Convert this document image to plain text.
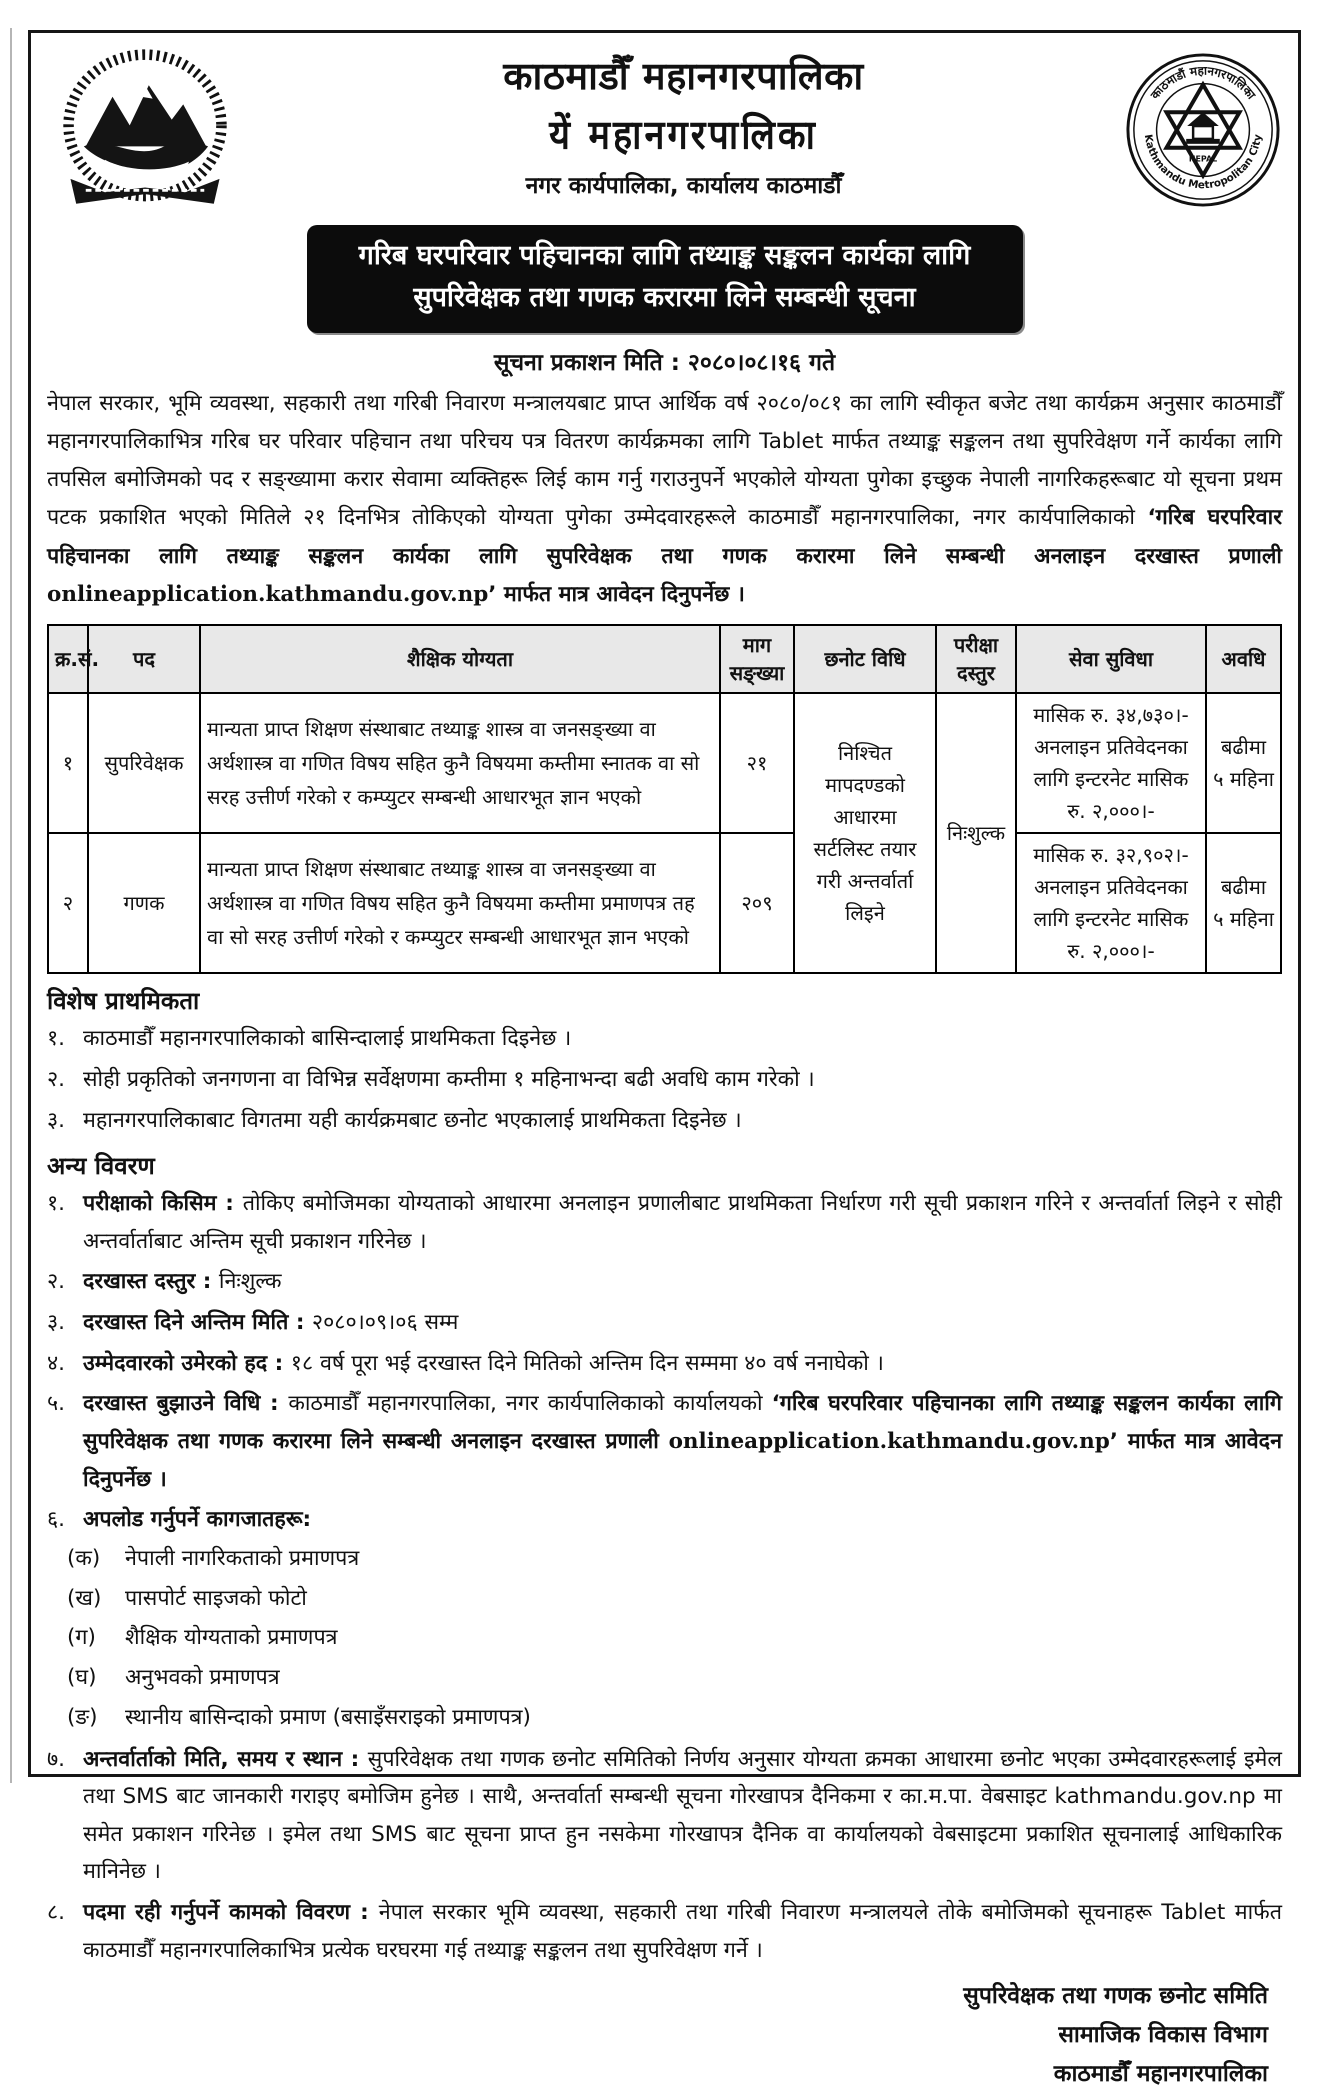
काठमाडौँ महानगरपालिका
यें महानगरपालिका
नगर कार्यपालिका, कार्यालय काठमाडौँ
काठमाडौं महानगरपालिका
Kathmandu Metropolitan City
NEPAL
गरिब घरपरिवार पहिचानका लागि तथ्याङ्क सङ्कलन कार्यका लागि
सुपरिवेक्षक तथा गणक करारमा लिने सम्बन्धी सूचना
सूचना प्रकाशन मिति : २०८०।०८।१६ गते
नेपाल सरकार, भूमि व्यवस्था, सहकारी तथा गरिबी निवारण मन्त्रालयबाट प्राप्त आर्थिक वर्ष २०८०/०८१ का लागि स्वीकृत बजेट तथा कार्यक्रम अनुसार काठमाडौँ महानगरपालिकाभित्र गरिब घर परिवार पहिचान तथा परिचय पत्र वितरण कार्यक्रमका लागि Tablet मार्फत तथ्याङ्क सङ्कलन तथा सुपरिवेक्षण गर्ने कार्यका लागि तपसिल बमोजिमको पद र सङ्ख्यामा करार सेवामा व्यक्तिहरू लिई काम गर्नु गराउनुपर्ने भएकोले योग्यता पुगेका इच्छुक नेपाली नागरिकहरूबाट यो सूचना प्रथम पटक प्रकाशित भएको मितिले २१ दिनभित्र तोकिएको योग्यता पुगेका उम्मेदवारहरूले काठमाडौँ महानगरपालिका, नगर कार्यपालिकाको ‘गरिब घरपरिवार पहिचानका लागि तथ्याङ्क सङ्कलन कार्यका लागि सुपरिवेक्षक तथा गणक करारमा लिने सम्बन्धी अनलाइन दरखास्त प्रणाली onlineapplication.kathmandu.gov.np’ मार्फत मात्र आवेदन दिनुपर्नेछ ।
क्र.सं.	पद	शैक्षिक योग्यता	माग सङ्ख्या	छनोट विधि	परीक्षा दस्तुर	सेवा सुविधा	अवधि
१	सुपरिवेक्षक	मान्यता प्राप्त शिक्षण संस्थाबाट तथ्याङ्क शास्त्र वा जनसङ्ख्या वा अर्थशास्त्र वा गणित विषय सहित कुनै विषयमा कम्तीमा स्नातक वा सो सरह उत्तीर्ण गरेको र कम्प्युटर सम्बन्धी आधारभूत ज्ञान भएको	२१	निश्चित मापदण्डको आधारमा सर्टलिस्ट तयार गरी अन्तर्वार्ता लिइने	निःशुल्क	मासिक रु. ३४,७३०।- अनलाइन प्रतिवेदनका लागि इन्टरनेट मासिक रु. २,०००।-	बढीमा ५ महिना
२	गणक	मान्यता प्राप्त शिक्षण संस्थाबाट तथ्याङ्क शास्त्र वा जनसङ्ख्या वा अर्थशास्त्र वा गणित विषय सहित कुनै विषयमा कम्तीमा प्रमाणपत्र तह वा सो सरह उत्तीर्ण गरेको र कम्प्युटर सम्बन्धी आधारभूत ज्ञान भएको	२०९			मासिक रु. ३२,९०२।- अनलाइन प्रतिवेदनका लागि इन्टरनेट मासिक रु. २,०००।-	बढीमा ५ महिना
विशेष प्राथमिकता
१. काठमाडौँ महानगरपालिकाको बासिन्दालाई प्राथमिकता दिइनेछ ।
२. सोही प्रकृतिको जनगणना वा विभिन्न सर्वेक्षणमा कम्तीमा १ महिनाभन्दा बढी अवधि काम गरेको ।
३. महानगरपालिकाबाट विगतमा यही कार्यक्रमबाट छनोट भएकालाई प्राथमिकता दिइनेछ ।
अन्य विवरण
१. परीक्षाको किसिम : तोकिए बमोजिमका योग्यताको आधारमा अनलाइन प्रणालीबाट प्राथमिकता निर्धारण गरी सूची प्रकाशन गरिने र अन्तर्वार्ता लिइने र सोही अन्तर्वार्ताबाट अन्तिम सूची प्रकाशन गरिनेछ ।
२. दरखास्त दस्तुर : निःशुल्क
३. दरखास्त दिने अन्तिम मिति : २०८०।०९।०६ सम्म
४. उम्मेदवारको उमेरको हद : १८ वर्ष पूरा भई दरखास्त दिने मितिको अन्तिम दिन सम्ममा ४० वर्ष ननाघेको ।
५. दरखास्त बुझाउने विधि : काठमाडौँ महानगरपालिका, नगर कार्यपालिकाको कार्यालयको ‘गरिब घरपरिवार पहिचानका लागि तथ्याङ्क सङ्कलन कार्यका लागि सुपरिवेक्षक तथा गणक करारमा लिने सम्बन्धी अनलाइन दरखास्त प्रणाली onlineapplication.kathmandu.gov.np’ मार्फत मात्र आवेदन दिनुपर्नेछ ।
६. अपलोड गर्नुपर्ने कागजातहरू:
(क)	नेपाली नागरिकताको प्रमाणपत्र
(ख)	पासपोर्ट साइजको फोटो
(ग)	शैक्षिक योग्यताको प्रमाणपत्र
(घ)	अनुभवको प्रमाणपत्र
(ङ)	स्थानीय बासिन्दाको प्रमाण (बसाइँसराइको प्रमाणपत्र)
७. अन्तर्वार्ताको मिति, समय र स्थान : सुपरिवेक्षक तथा गणक छनोट समितिको निर्णय अनुसार योग्यता क्रमका आधारमा छनोट भएका उम्मेदवारहरूलाई इमेल तथा SMS बाट जानकारी गराइए बमोजिम हुनेछ । साथै, अन्तर्वार्ता सम्बन्धी सूचना गोरखापत्र दैनिकमा र का.म.पा. वेबसाइट kathmandu.gov.np मा समेत प्रकाशन गरिनेछ । इमेल तथा SMS बाट सूचना प्राप्त हुन नसकेमा गोरखापत्र दैनिक वा कार्यालयको वेबसाइटमा प्रकाशित सूचनालाई आधिकारिक मानिनेछ ।
८. पदमा रही गर्नुपर्ने कामको विवरण : नेपाल सरकार भूमि व्यवस्था, सहकारी तथा गरिबी निवारण मन्त्रालयले तोके बमोजिमको सूचनाहरू Tablet मार्फत काठमाडौँ महानगरपालिकाभित्र प्रत्येक घरघरमा गई तथ्याङ्क सङ्कलन तथा सुपरिवेक्षण गर्ने ।
सुपरिवेक्षक तथा गणक छनोट समिति
सामाजिक विकास विभाग
काठमाडौँ महानगरपालिका
